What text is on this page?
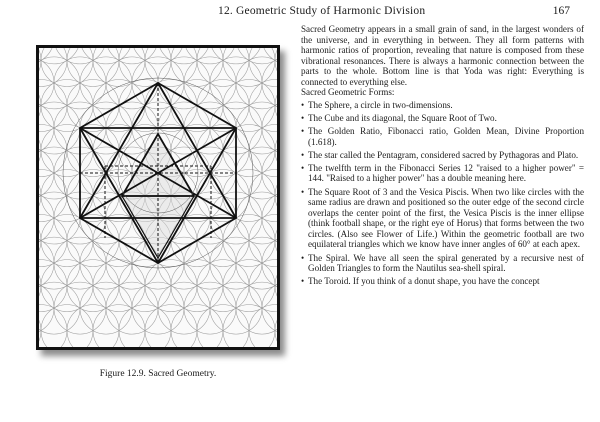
12. Geometric Study of Harmonic Division	167
Figure 12.9. Sacred Geometry.

Sacred Geometry appears in a small grain of sand, in the largest wonders of the universe, and in everything in between. They all form patterns with harmonic ratios of proportion, revealing that nature is composed from these vibrational resonances. There is always a harmonic connection between the parts to the whole. Bottom line is that Yoda was right: Everything is connected to everything else.

Sacred Geometric Forms:

• The Sphere, a circle in two-dimensions.
• The Cube and its diagonal, the Square Root of Two.
• The Golden Ratio, Fibonacci ratio, Golden Mean, Divine Proportion (1.618).
• The star called the Pentagram, considered sacred by Pythagoras and Plato.
• The twelfth term in the Fibonacci Series 12 "raised to a higher power" = 144. "Raised to a higher power" has a double meaning here.
• The Square Root of 3 and the Vesica Piscis. When two like circles with the same radius are drawn and positioned so the outer edge of the second circle overlaps the center point of the first, the Vesica Piscis is the inner ellipse (think football shape, or the right eye of Horus) that forms between the two circles. (Also see Flower of Life.) Within the geometric football are two equilateral triangles which we know have inner angles of 60° at each apex.
• The Spiral. We have all seen the spiral generated by a recursive nest of Golden Triangles to form the Nautilus sea-shell spiral.
• The Toroid. If you think of a donut shape, you have the concept
